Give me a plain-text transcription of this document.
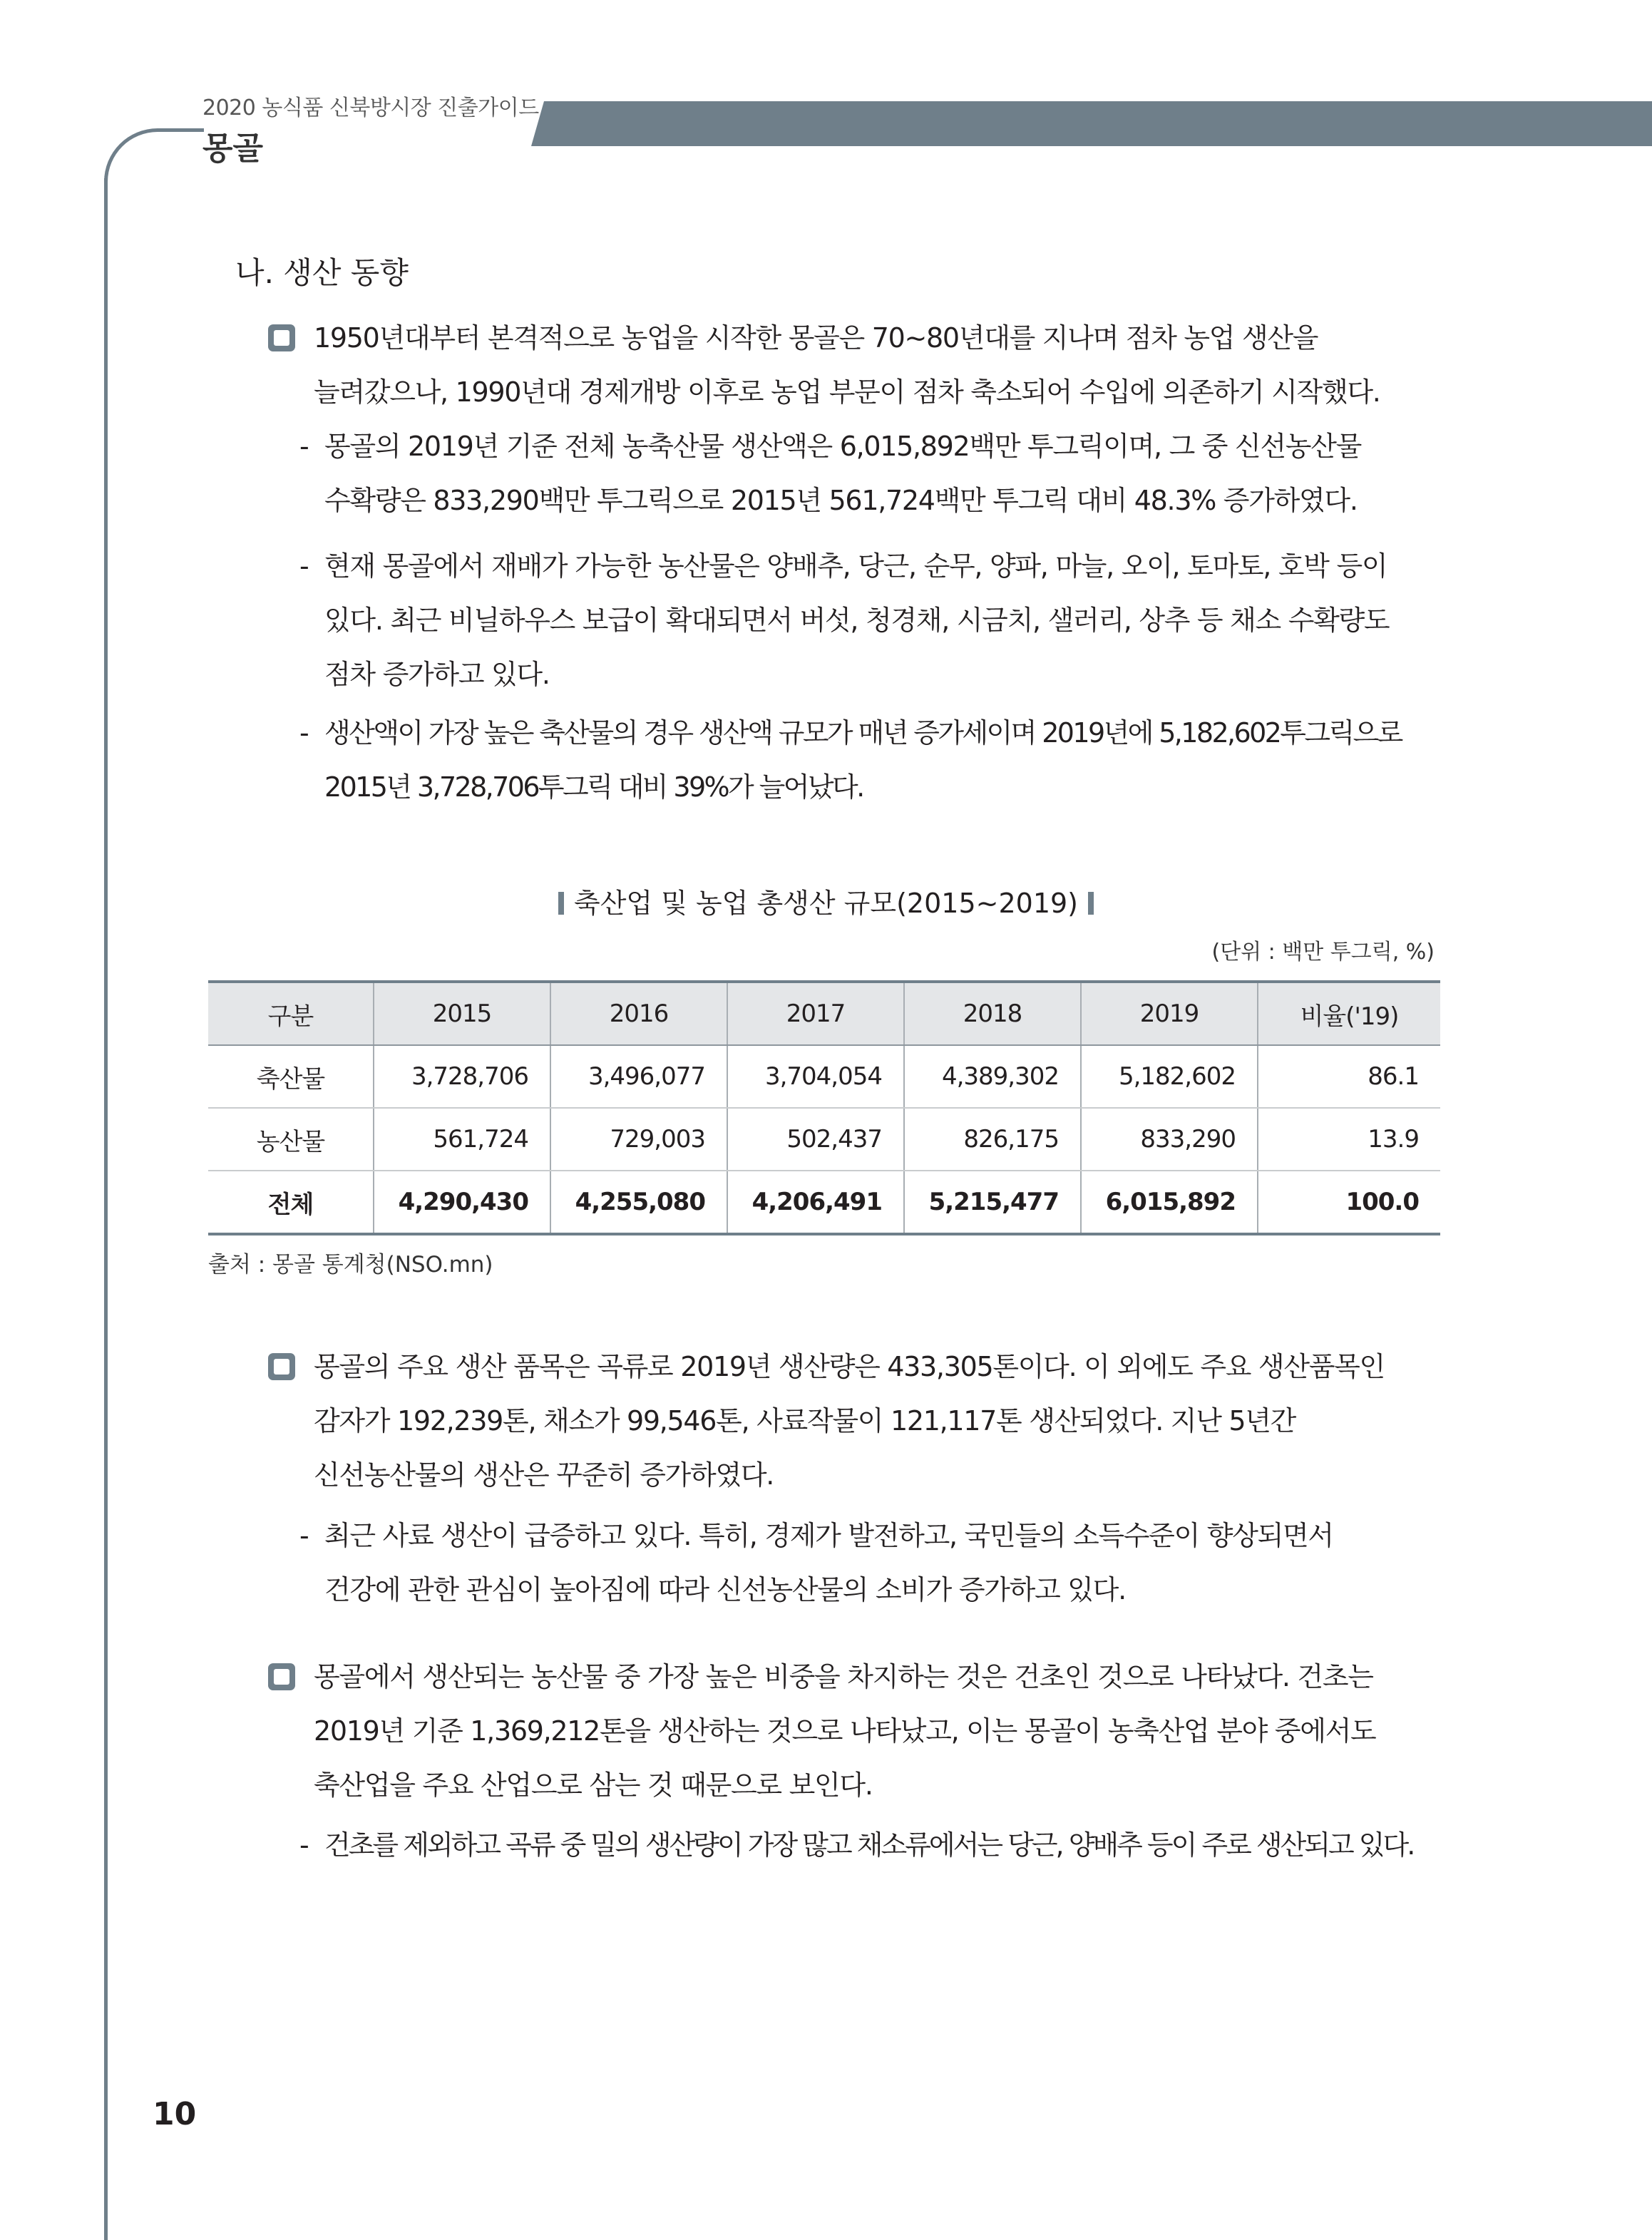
2020 농식품 신북방시장 진출가이드
몽골
나. 생산 동향
1950년대부터 본격적으로 농업을 시작한 몽골은 70~80년대를 지나며 점차 농업 생산을
늘려갔으나, 1990년대 경제개방 이후로 농업 부문이 점차 축소되어 수입에 의존하기 시작했다.
- 몽골의 2019년 기준 전체 농축산물 생산액은 6,015,892백만 투그릭이며, 그 중 신선농산물
수확량은 833,290백만 투그릭으로 2015년 561,724백만 투그릭 대비 48.3% 증가하였다.
- 현재 몽골에서 재배가 가능한 농산물은 양배추, 당근, 순무, 양파, 마늘, 오이, 토마토, 호박 등이
있다. 최근 비닐하우스 보급이 확대되면서 버섯, 청경채, 시금치, 샐러리, 상추 등 채소 수확량도
점차 증가하고 있다.
- 생산액이 가장 높은 축산물의 경우 생산액 규모가 매년 증가세이며 2019년에 5,182,602투그릭으로
2015년 3,728,706투그릭 대비 39%가 늘어났다.
축산업 및 농업 총생산 규모(2015~2019)
(단위 : 백만 투그릭, %)
구분	2015	2016	2017	2018	2019	비율('19)
축산물	3,728,706	3,496,077	3,704,054	4,389,302	5,182,602	86.1
농산물	561,724	729,003	502,437	826,175	833,290	13.9
전체	4,290,430	4,255,080	4,206,491	5,215,477	6,015,892	100.0
출처 : 몽골 통계청(NSO.mn)
몽골의 주요 생산 품목은 곡류로 2019년 생산량은 433,305톤이다. 이 외에도 주요 생산품목인
감자가 192,239톤, 채소가 99,546톤, 사료작물이 121,117톤 생산되었다. 지난 5년간
신선농산물의 생산은 꾸준히 증가하였다.
- 최근 사료 생산이 급증하고 있다. 특히, 경제가 발전하고, 국민들의 소득수준이 향상되면서
건강에 관한 관심이 높아짐에 따라 신선농산물의 소비가 증가하고 있다.
몽골에서 생산되는 농산물 중 가장 높은 비중을 차지하는 것은 건초인 것으로 나타났다. 건초는
2019년 기준 1,369,212톤을 생산하는 것으로 나타났고, 이는 몽골이 농축산업 분야 중에서도
축산업을 주요 산업으로 삼는 것 때문으로 보인다.
- 건초를 제외하고 곡류 중 밀의 생산량이 가장 많고 채소류에서는 당근, 양배추 등이 주로 생산되고 있다.
10
